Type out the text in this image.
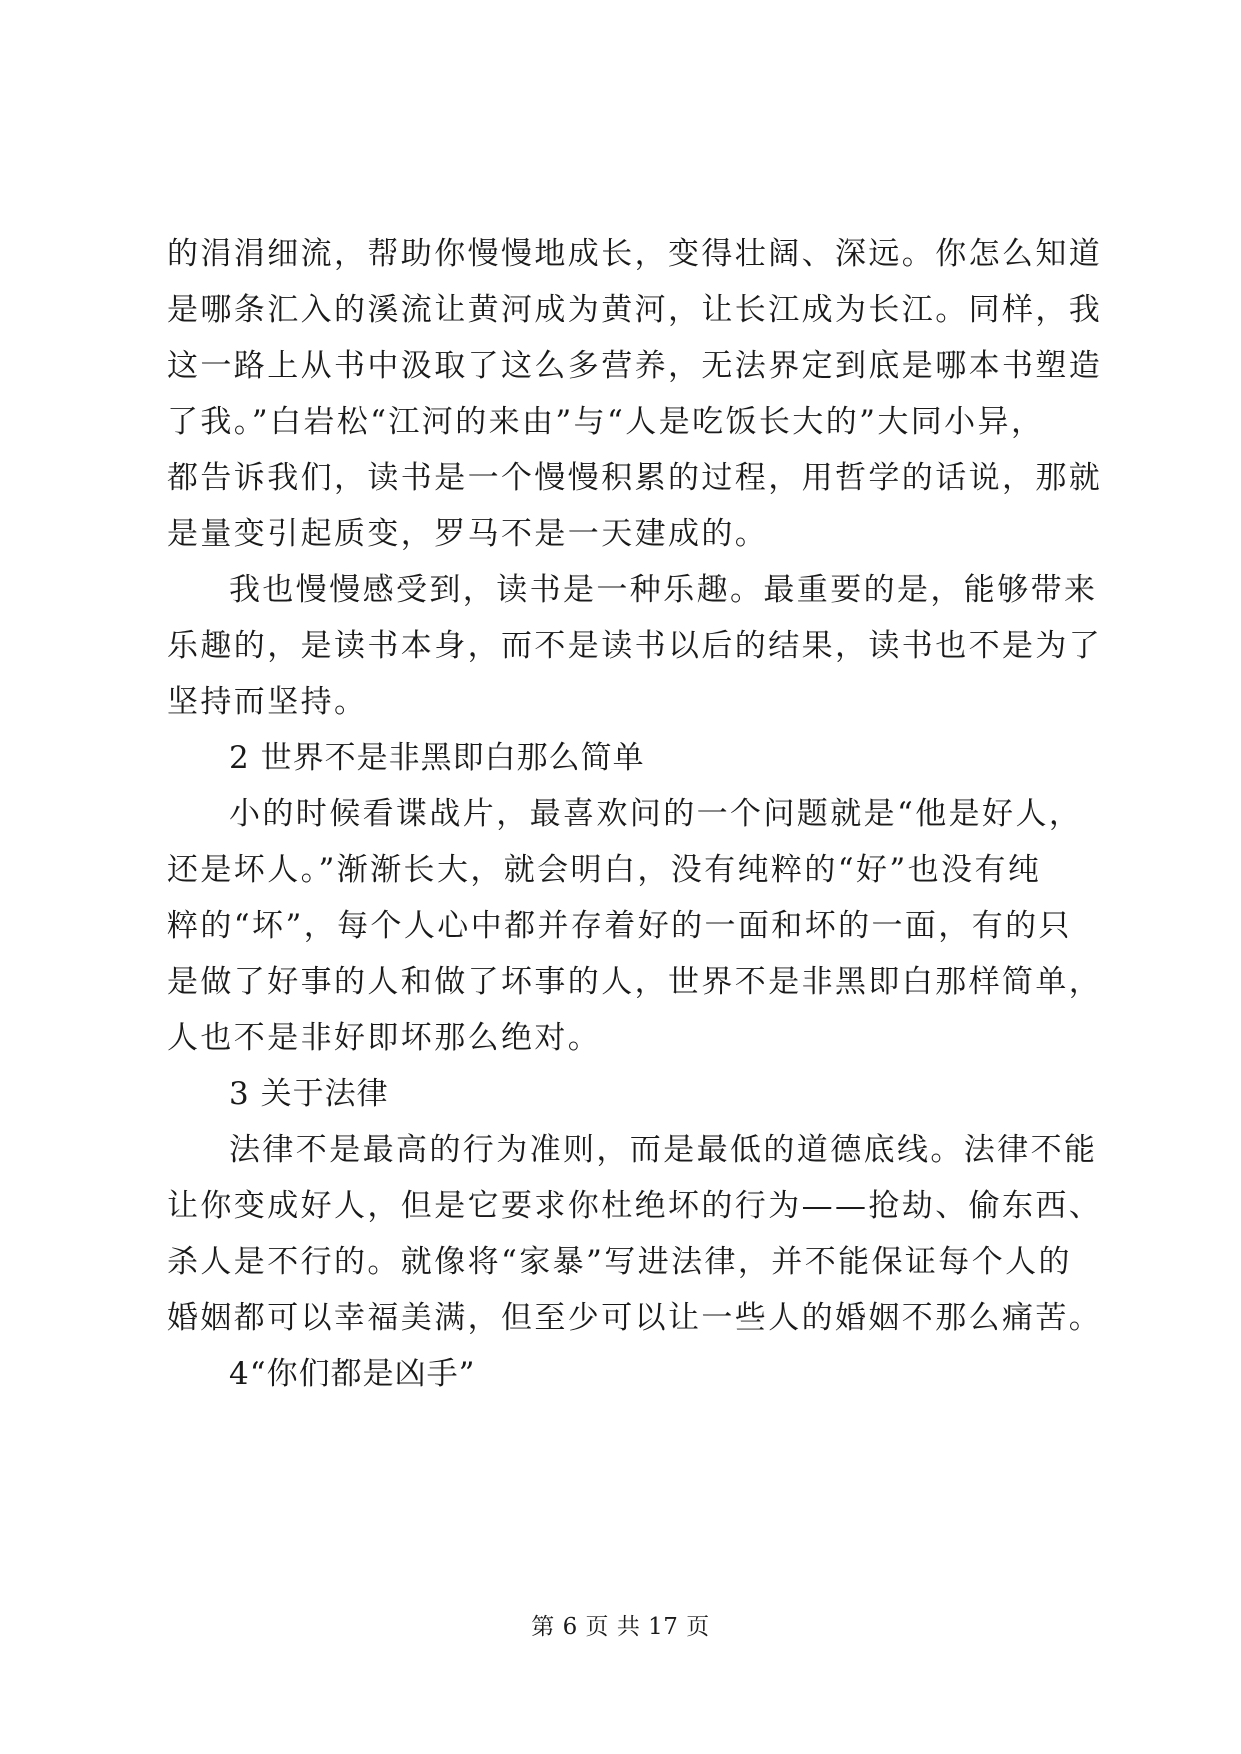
的涓涓细流，帮助你慢慢地成长，变得壮阔、深远。你怎么知道
是哪条汇入的溪流让黄河成为黄河，让长江成为长江。同样，我
这一路上从书中汲取了这么多营养，无法界定到底是哪本书塑造
了我。”白岩松“江河的来由”与“人是吃饭长大的”大同小异，
都告诉我们，读书是一个慢慢积累的过程，用哲学的话说，那就
是量变引起质变，罗马不是一天建成的。
我也慢慢感受到，读书是一种乐趣。最重要的是，能够带来
乐趣的，是读书本身，而不是读书以后的结果，读书也不是为了
坚持而坚持。
2 世界不是非黑即白那么简单
小的时候看谍战片，最喜欢问的一个问题就是“他是好人，
还是坏人。”渐渐长大，就会明白，没有纯粹的“好”也没有纯
粹的“坏”，每个人心中都并存着好的一面和坏的一面，有的只
是做了好事的人和做了坏事的人，世界不是非黑即白那样简单，
人也不是非好即坏那么绝对。
3 关于法律
法律不是最高的行为准则，而是最低的道德底线。法律不能
让你变成好人，但是它要求你杜绝坏的行为——抢劫、偷东西、
杀人是不行的。就像将“家暴”写进法律，并不能保证每个人的
婚姻都可以幸福美满，但至少可以让一些人的婚姻不那么痛苦。
4“你们都是凶手”
第 6 页 共 17 页
